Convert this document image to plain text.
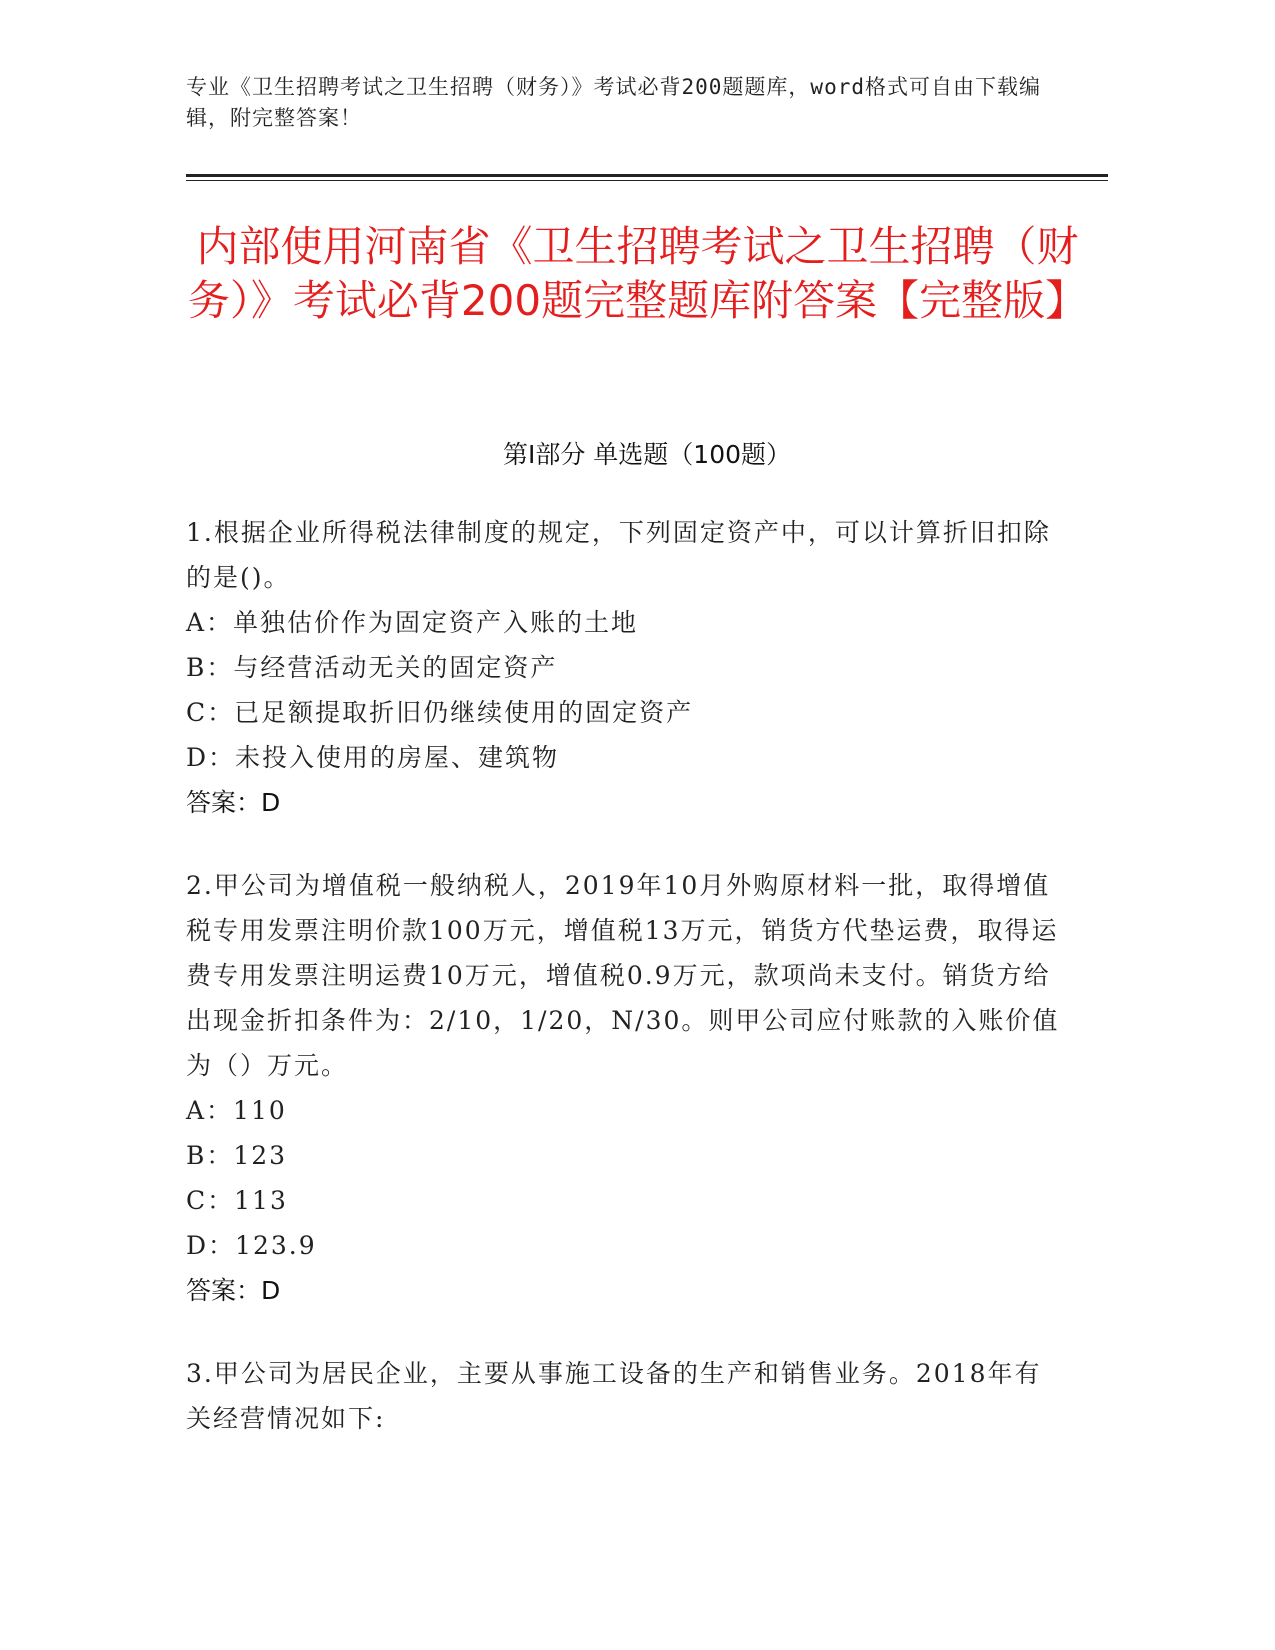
专业《卫生招聘考试之卫生招聘（财务）》考试必背200题题库，word格式可自由下载编辑，附完整答案！
内部使用河南省《卫生招聘考试之卫生招聘（财务）》考试必背200题完整题库附答案【完整版】
第I部分 单选题（100题）
1.根据企业所得税法律制度的规定，下列固定资产中，可以计算折旧扣除的是()。
A：单独估价作为固定资产入账的土地
B：与经营活动无关的固定资产
C：已足额提取折旧仍继续使用的固定资产
D：未投入使用的房屋、建筑物
答案：D
2.甲公司为增值税一般纳税人，2019年10月外购原材料一批，取得增值税专用发票注明价款100万元，增值税13万元，销货方代垫运费，取得运费专用发票注明运费10万元，增值税0.9万元，款项尚未支付。销货方给出现金折扣条件为：2/10，1/20，N/30。则甲公司应付账款的入账价值为（）万元。
A：110
B：123
C：113
D：123.9
答案：D
3.甲公司为居民企业，主要从事施工设备的生产和销售业务。2018年有关经营情况如下:
